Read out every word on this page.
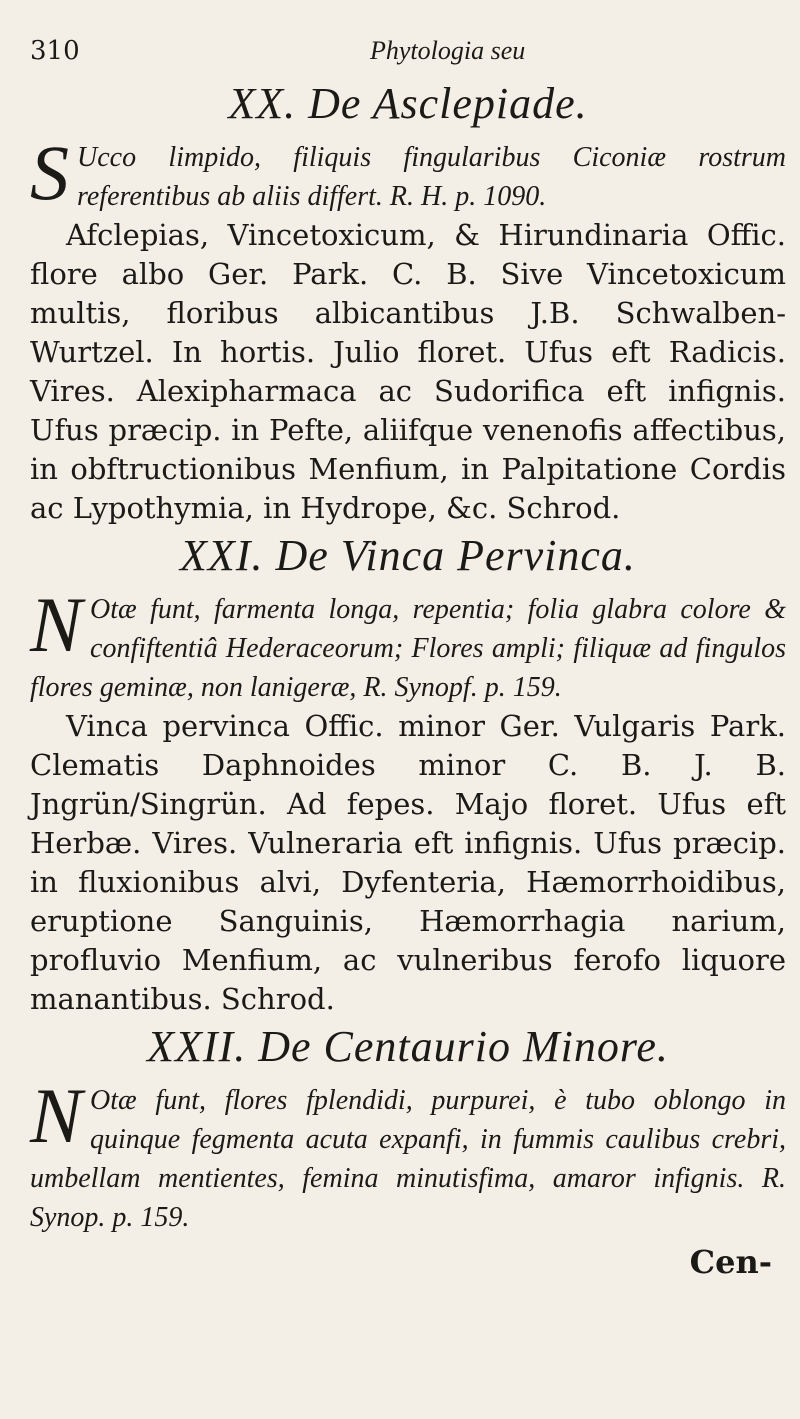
310	Phytologia seu
XX. De Asclepiade.
S Ucco limpido, filiquis fingularibus Ciconiæ rostrum referentibus ab aliis differt. R. H. p. 1090.

Afclepias, Vincetoxicum, & Hirundinaria Offic. flore albo Ger. Park. C. B. Sive Vincetoxicum multis, floribus albicantibus J.B. Schwalben-Wurtzel. In hortis. Julio floret. Ufus eft Radicis. Vires. Alexipharmaca ac Sudorifica eft infignis. Ufus præcip. in Pefte, aliifque venenofis affectibus, in obftructionibus Menfium, in Palpitatione Cordis ac Lypothymia, in Hydrope, &c. Schrod.

XXI. De Vinca Pervinca.
N Otæ funt, farmenta longa, repentia; folia glabra colore & confiftentiâ Hederaceorum; Flores ampli; filiquæ ad fingulos flores geminæ, non lanigeræ, R. Synopf. p. 159.

Vinca pervinca Offic. minor Ger. Vulgaris Park. Clematis Daphnoides minor C. B. J. B. Jngrün/Singrün. Ad fepes. Majo floret. Ufus eft Herbæ. Vires. Vulneraria eft infignis. Ufus præcip. in fluxionibus alvi, Dyfenteria, Hæmorrhoidibus, eruptione Sanguinis, Hæmorrhagia narium, profluvio Menfium, ac vulneribus ferofo liquore manantibus. Schrod.

XXII. De Centaurio Minore.
N Otæ funt, flores fplendidi, purpurei, è tubo oblongo in quinque fegmenta acuta expanfi, in fummis caulibus crebri, umbellam mentientes, femina minutisfima, amaror infignis. R. Synop. p. 159.

Cen-
